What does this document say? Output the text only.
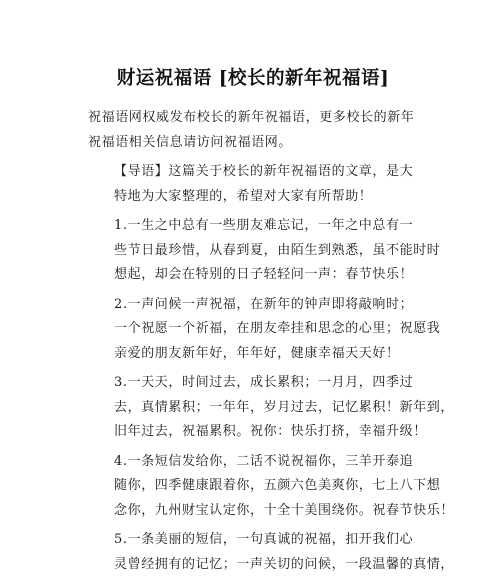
财运祝福语 [校长的新年祝福语]

祝福语网权威发布校长的新年祝福语，更多校长的新年
祝福语相关信息请访问祝福语网。

【导语】这篇关于校长的新年祝福语的文章，是大
特地为大家整理的，希望对大家有所帮助！

1.一生之中总有一些朋友难忘记，一年之中总有一
些节日最珍惜，从春到夏，由陌生到熟悉，虽不能时时
想起，却会在特别的日子轻轻问一声：春节快乐！

2.一声问候一声祝福，在新年的钟声即将敲响时；
一个祝愿一个祈福，在朋友牵挂和思念的心里；祝愿我
亲爱的朋友新年好，年年好，健康幸福天天好！

3.一天天，时间过去，成长累积；一月月，四季过
去，真情累积；一年年，岁月过去，记忆累积！新年到，
旧年过去，祝福累积。祝你：快乐打挤，幸福升级！

4.一条短信发给你，二话不说祝福你，三羊开泰追
随你，四季健康跟着你，五颜六色美爽你，七上八下想
念你，九州财宝认定你，十全十美围绕你。祝春节快乐！

5.一条美丽的短信，一句真诚的祝福，扣开我们心
灵曾经拥有的记忆；一声关切的问候，一段温馨的真情，
